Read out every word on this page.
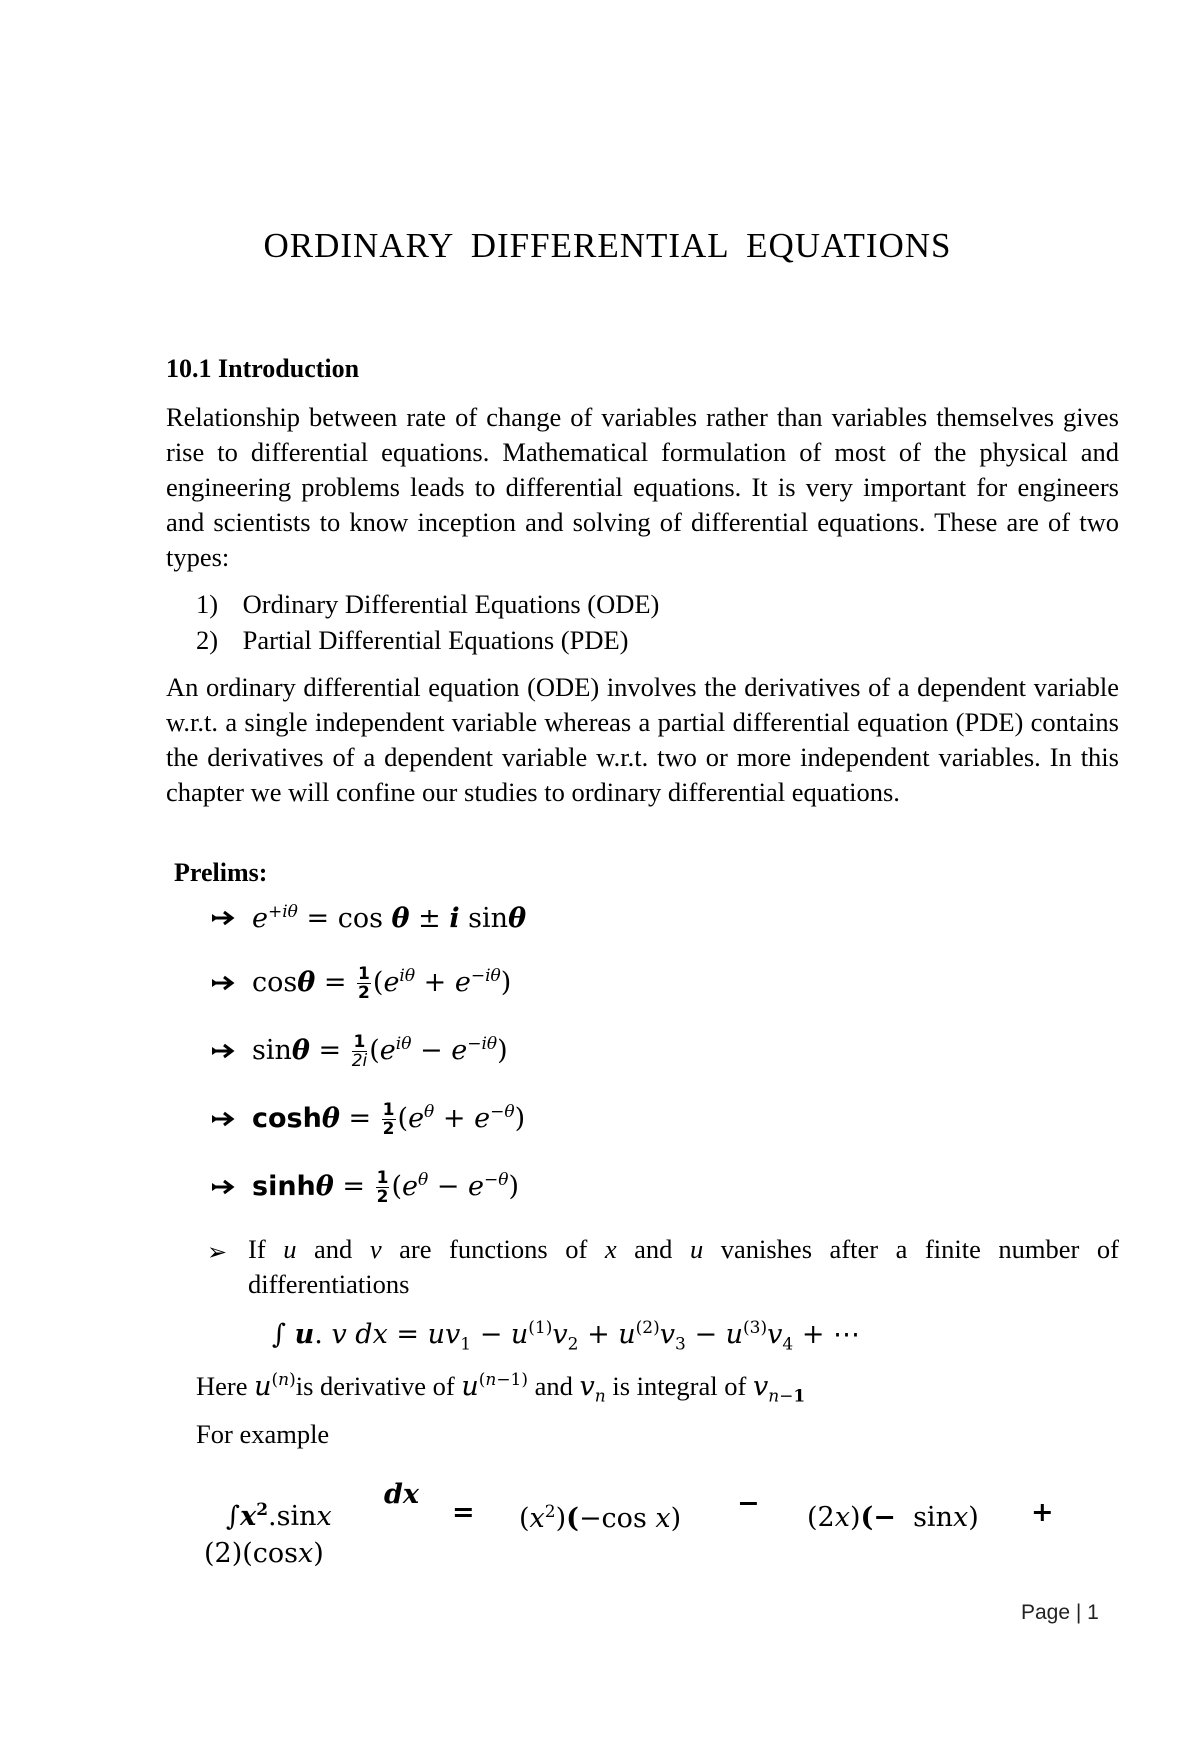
ORDINARY DIFFERENTIAL EQUATIONS
10.1 Introduction

Relationship between rate of change of variables rather than variables themselves gives rise to differential equations. Mathematical formulation of most of the physical and engineering problems leads to differential equations. It is very important for engineers and scientists to know inception and solving of differential equations. These are of two types:

1) Ordinary Differential Equations (ODE)
2) Partial Differential Equations (PDE)

An ordinary differential equation (ODE) involves the derivatives of a dependent variable w.r.t. a single independent variable whereas a partial differential equation (PDE) contains the derivatives of a dependent variable w.r.t. two or more independent variables. In this chapter we will confine our studies to ordinary differential equations.

Prelims:
$e^{+i\theta} = \cos \theta \pm i$ sinθ
$\cos\theta = \frac{1}{2} (e^{i\theta} + e^{-i\theta})$
$\sin\theta = \frac{1}{2i} (e^{i\theta} - e^{-i\theta})$
$\cosh\theta = \frac{1}{2} (e^\theta + e^{-\theta})$
$\sinh\theta = \frac{1}{2} (e^\theta - e^{-\theta})$
➢ If u and v are functions of x and u vanishes after a finite number of differentiations

∫ u. v dx = $uv_1 - u^{(1)}v_2 + u^{(2)}v_3 - u^{(3)}v_4$ + ⋯
Here $u^{(n)}is$ derivative of $u^{(n-1)}$ and $v_n$ is integral of $v_{n-1}$
For example
$\int x^2.\sin x$
dx
= $(x^2)(-\cos$ x) − (2x)(−  sinx) +
(2)(cosx)
Page | 1
